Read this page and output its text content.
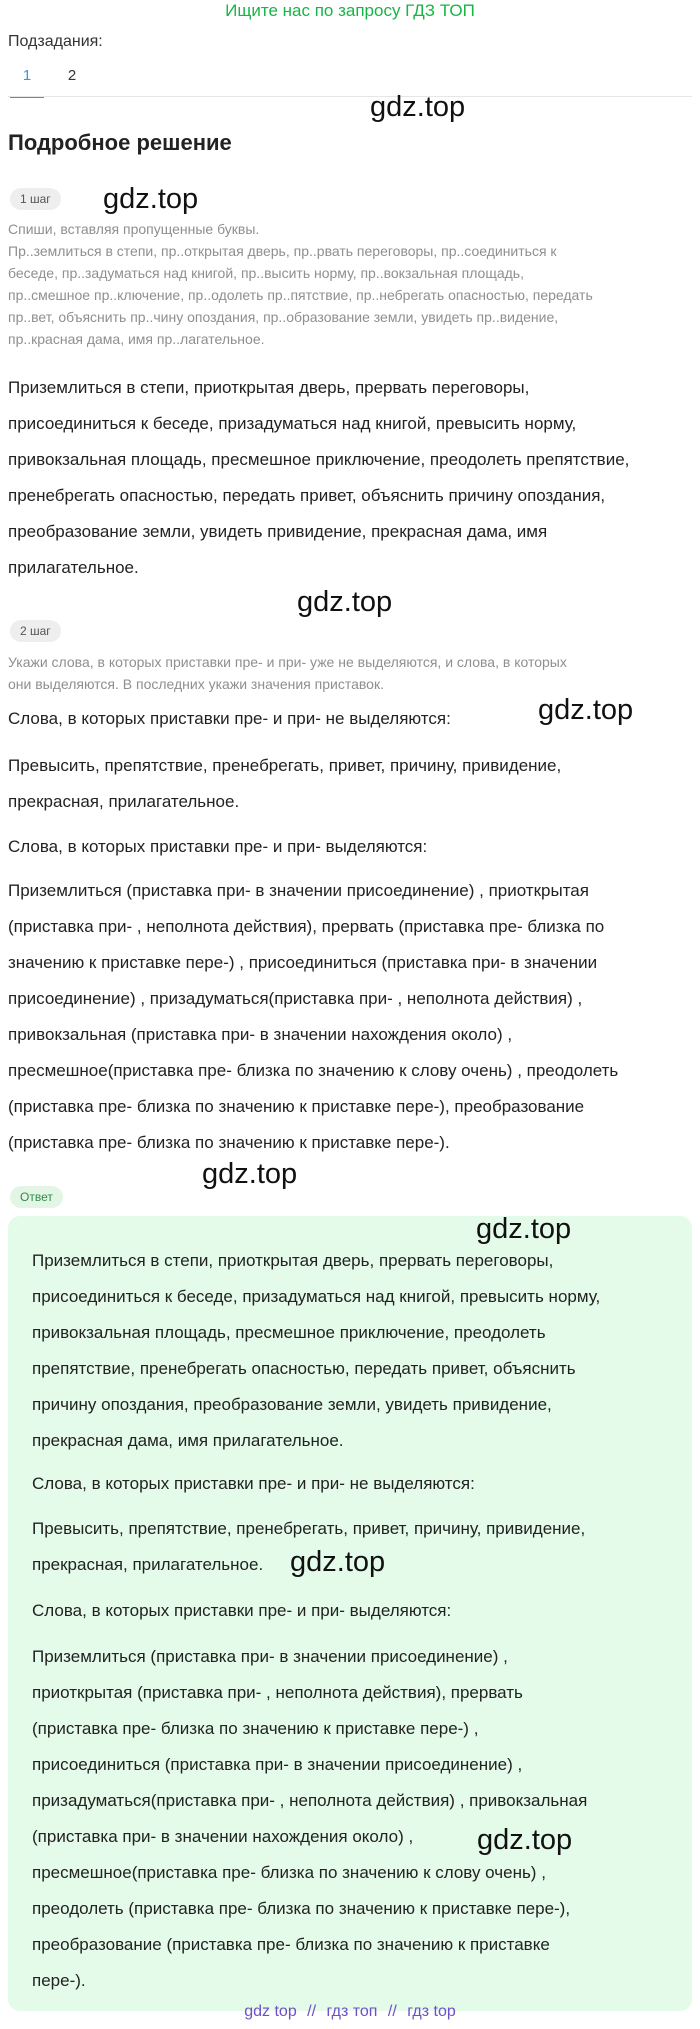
Ищите нас по запросу ГДЗ ТОП
Подзадания:
1	2
gdz.top
Подробное решение
1 шаг	gdz.top
Спиши, вставляя пропущенные буквы.
Пр..землиться в степи, пр..открытая дверь, пр..рвать переговоры, пр..соединиться к
беседе, пр..задуматься над книгой, пр..высить норму, пр..вокзальная площадь,
пр..смешное пр..ключение, пр..одолеть пр..пятствие, пр..небрегать опасностью, передать
пр..вет, объяснить пр..чину опоздания, пр..образование земли, увидеть пр..видение,
пр..красная дама, имя пр..лагательное.
Приземлиться в степи, приоткрытая дверь, прервать переговоры,
присоединиться к беседе, призадуматься над книгой, превысить норму,
привокзальная площадь, пресмешное приключение, преодолеть препятствие,
пренебрегать опасностью, передать привет, объяснить причину опоздания,
преобразование земли, увидеть привидение, прекрасная дама, имя
прилагательное.
gdz.top
2 шаг
Укажи слова, в которых приставки пре- и при- уже не выделяются, и слова, в которых
они выделяются. В последних укажи значения приставок.
Слова, в которых приставки пре- и при- не выделяются:	gdz.top
Превысить, препятствие, пренебрегать, привет, причину, привидение,
прекрасная, прилагательное.
Слова, в которых приставки пре- и при- выделяются:
Приземлиться (приставка при- в значении присоединение) , приоткрытая
(приставка при- , неполнота действия), прервать (приставка пре- близка по
значению к приставке пере-) , присоединиться (приставка при- в значении
присоединение) , призадуматься(приставка при- , неполнота действия) ,
привокзальная (приставка при- в значении нахождения около) ,
пресмешное(приставка пре- близка по значению к слову очень) , преодолеть
(приставка пре- близка по значению к приставке пере-), преобразование
(приставка пре- близка по значению к приставке пере-).
gdz.top
Ответ
gdz.top
Приземлиться в степи, приоткрытая дверь, прервать переговоры,
присоединиться к беседе, призадуматься над книгой, превысить норму,
привокзальная площадь, пресмешное приключение, преодолеть
препятствие, пренебрегать опасностью, передать привет, объяснить
причину опоздания, преобразование земли, увидеть привидение,
прекрасная дама, имя прилагательное.
Слова, в которых приставки пре- и при- не выделяются:
Превысить, препятствие, пренебрегать, привет, причину, привидение,
прекрасная, прилагательное. gdz.top
Слова, в которых приставки пре- и при- выделяются:
Приземлиться (приставка при- в значении присоединение) ,
приоткрытая (приставка при- , неполнота действия), прервать
(приставка пре- близка по значению к приставке пере-) ,
присоединиться (приставка при- в значении присоединение) ,
призадуматься(приставка при- , неполнота действия) , привокзальная
(приставка при- в значении нахождения около) ,
пресмешное(приставка пре- близка по значению к слову очень) ,
преодолеть (приставка пре- близка по значению к приставке пере-),
преобразование (приставка пре- близка по значению к приставке
пере-).
gdz.top
gdz top // гдз топ // гдз top
